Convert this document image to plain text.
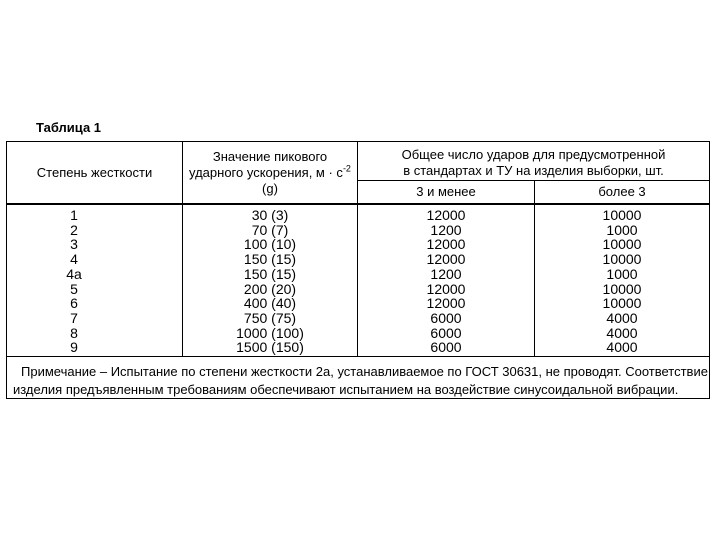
Таблица 1
Степень жесткости
Значение пикового
ударного ускорения, $м \cdot с^{-2}$
(g)
Общее число ударов для предусмотренной
в стандартах и ТУ на изделия выборки, шт.
3 и менее	более 3
1
2
3
4
4а
5
6
7
8
9
30 (3)
70 (7)
100 (10)
150 (15)
150 (15)
200 (20)
400 (40)
750 (75)
1000 (100)
1500 (150)
12000
1200
12000
12000
1200
12000
12000
6000
6000
6000
10000
1000
10000
10000
1000
10000
10000
4000
4000
4000
Примечание – Испытание по степени жесткости 2а, устанавливаемое по ГОСТ 30631, не проводят. Соответствие
изделия предъявленным требованиям обеспечивают испытанием на воздействие синусоидальной вибрации.
